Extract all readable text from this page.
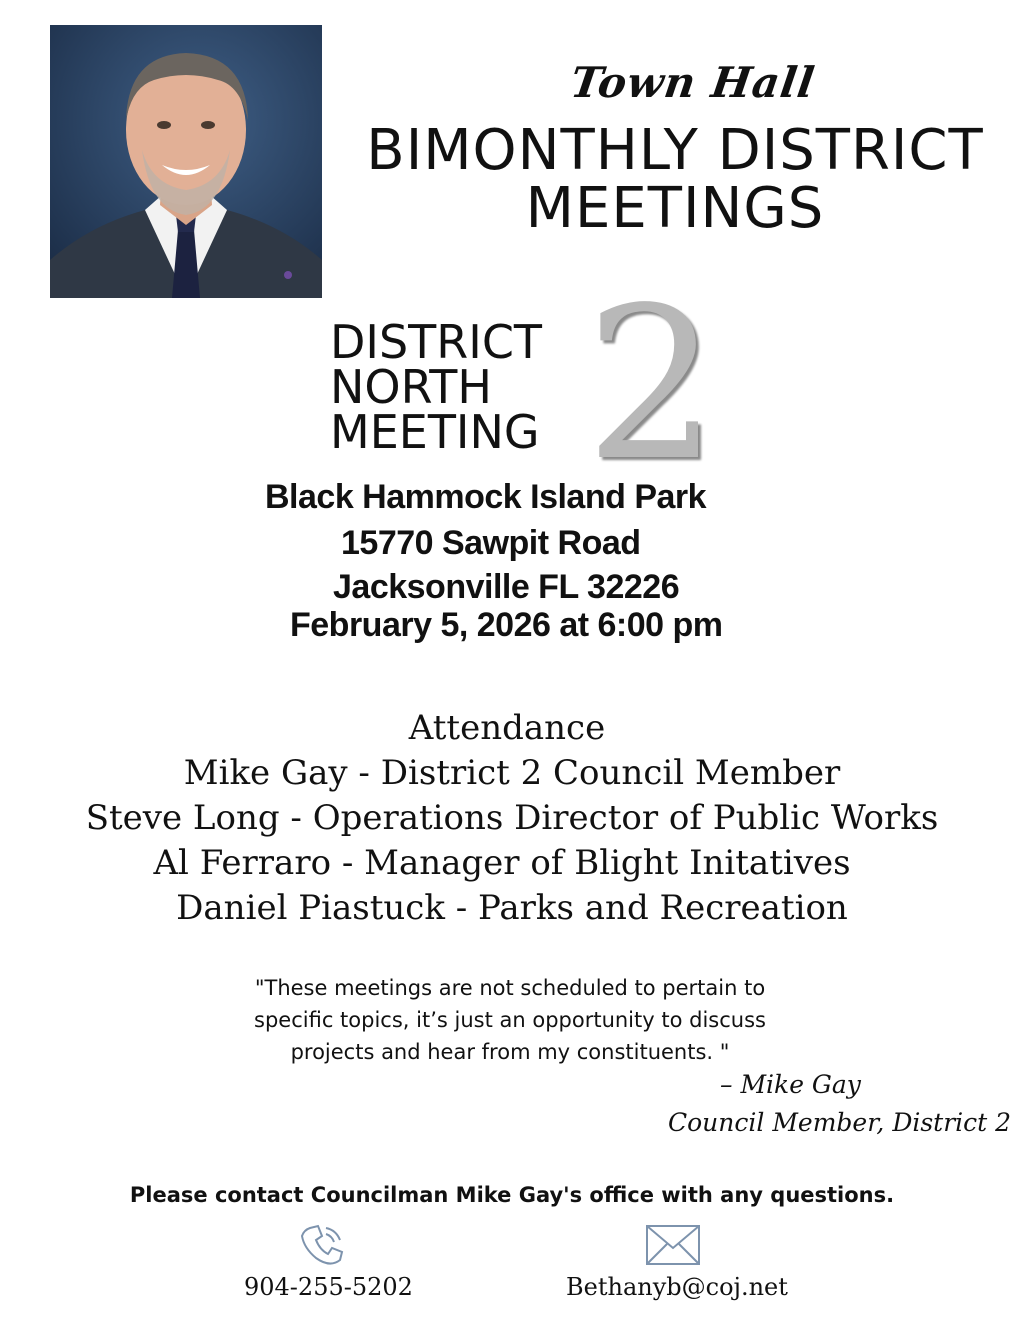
Town Hall
BIMONTHLY DISTRICT
MEETINGS
DISTRICT
NORTH
MEETING 2
Black Hammock Island Park
15770 Sawpit Road
Jacksonville FL 32226
February 5, 2026 at 6:00 pm
Attendance
Mike Gay - District 2 Council Member
Steve Long - Operations Director of Public Works
Al Ferraro - Manager of Blight Initatives
Daniel Piastuck - Parks and Recreation
"These meetings are not scheduled to pertain to
specific topics, it’s just an opportunity to discuss
projects and hear from my constituents. "
– Mike Gay
Council Member, District 2
Please contact Councilman Mike Gay's office with any questions.
904-255-5202	Bethanyb@coj.net
